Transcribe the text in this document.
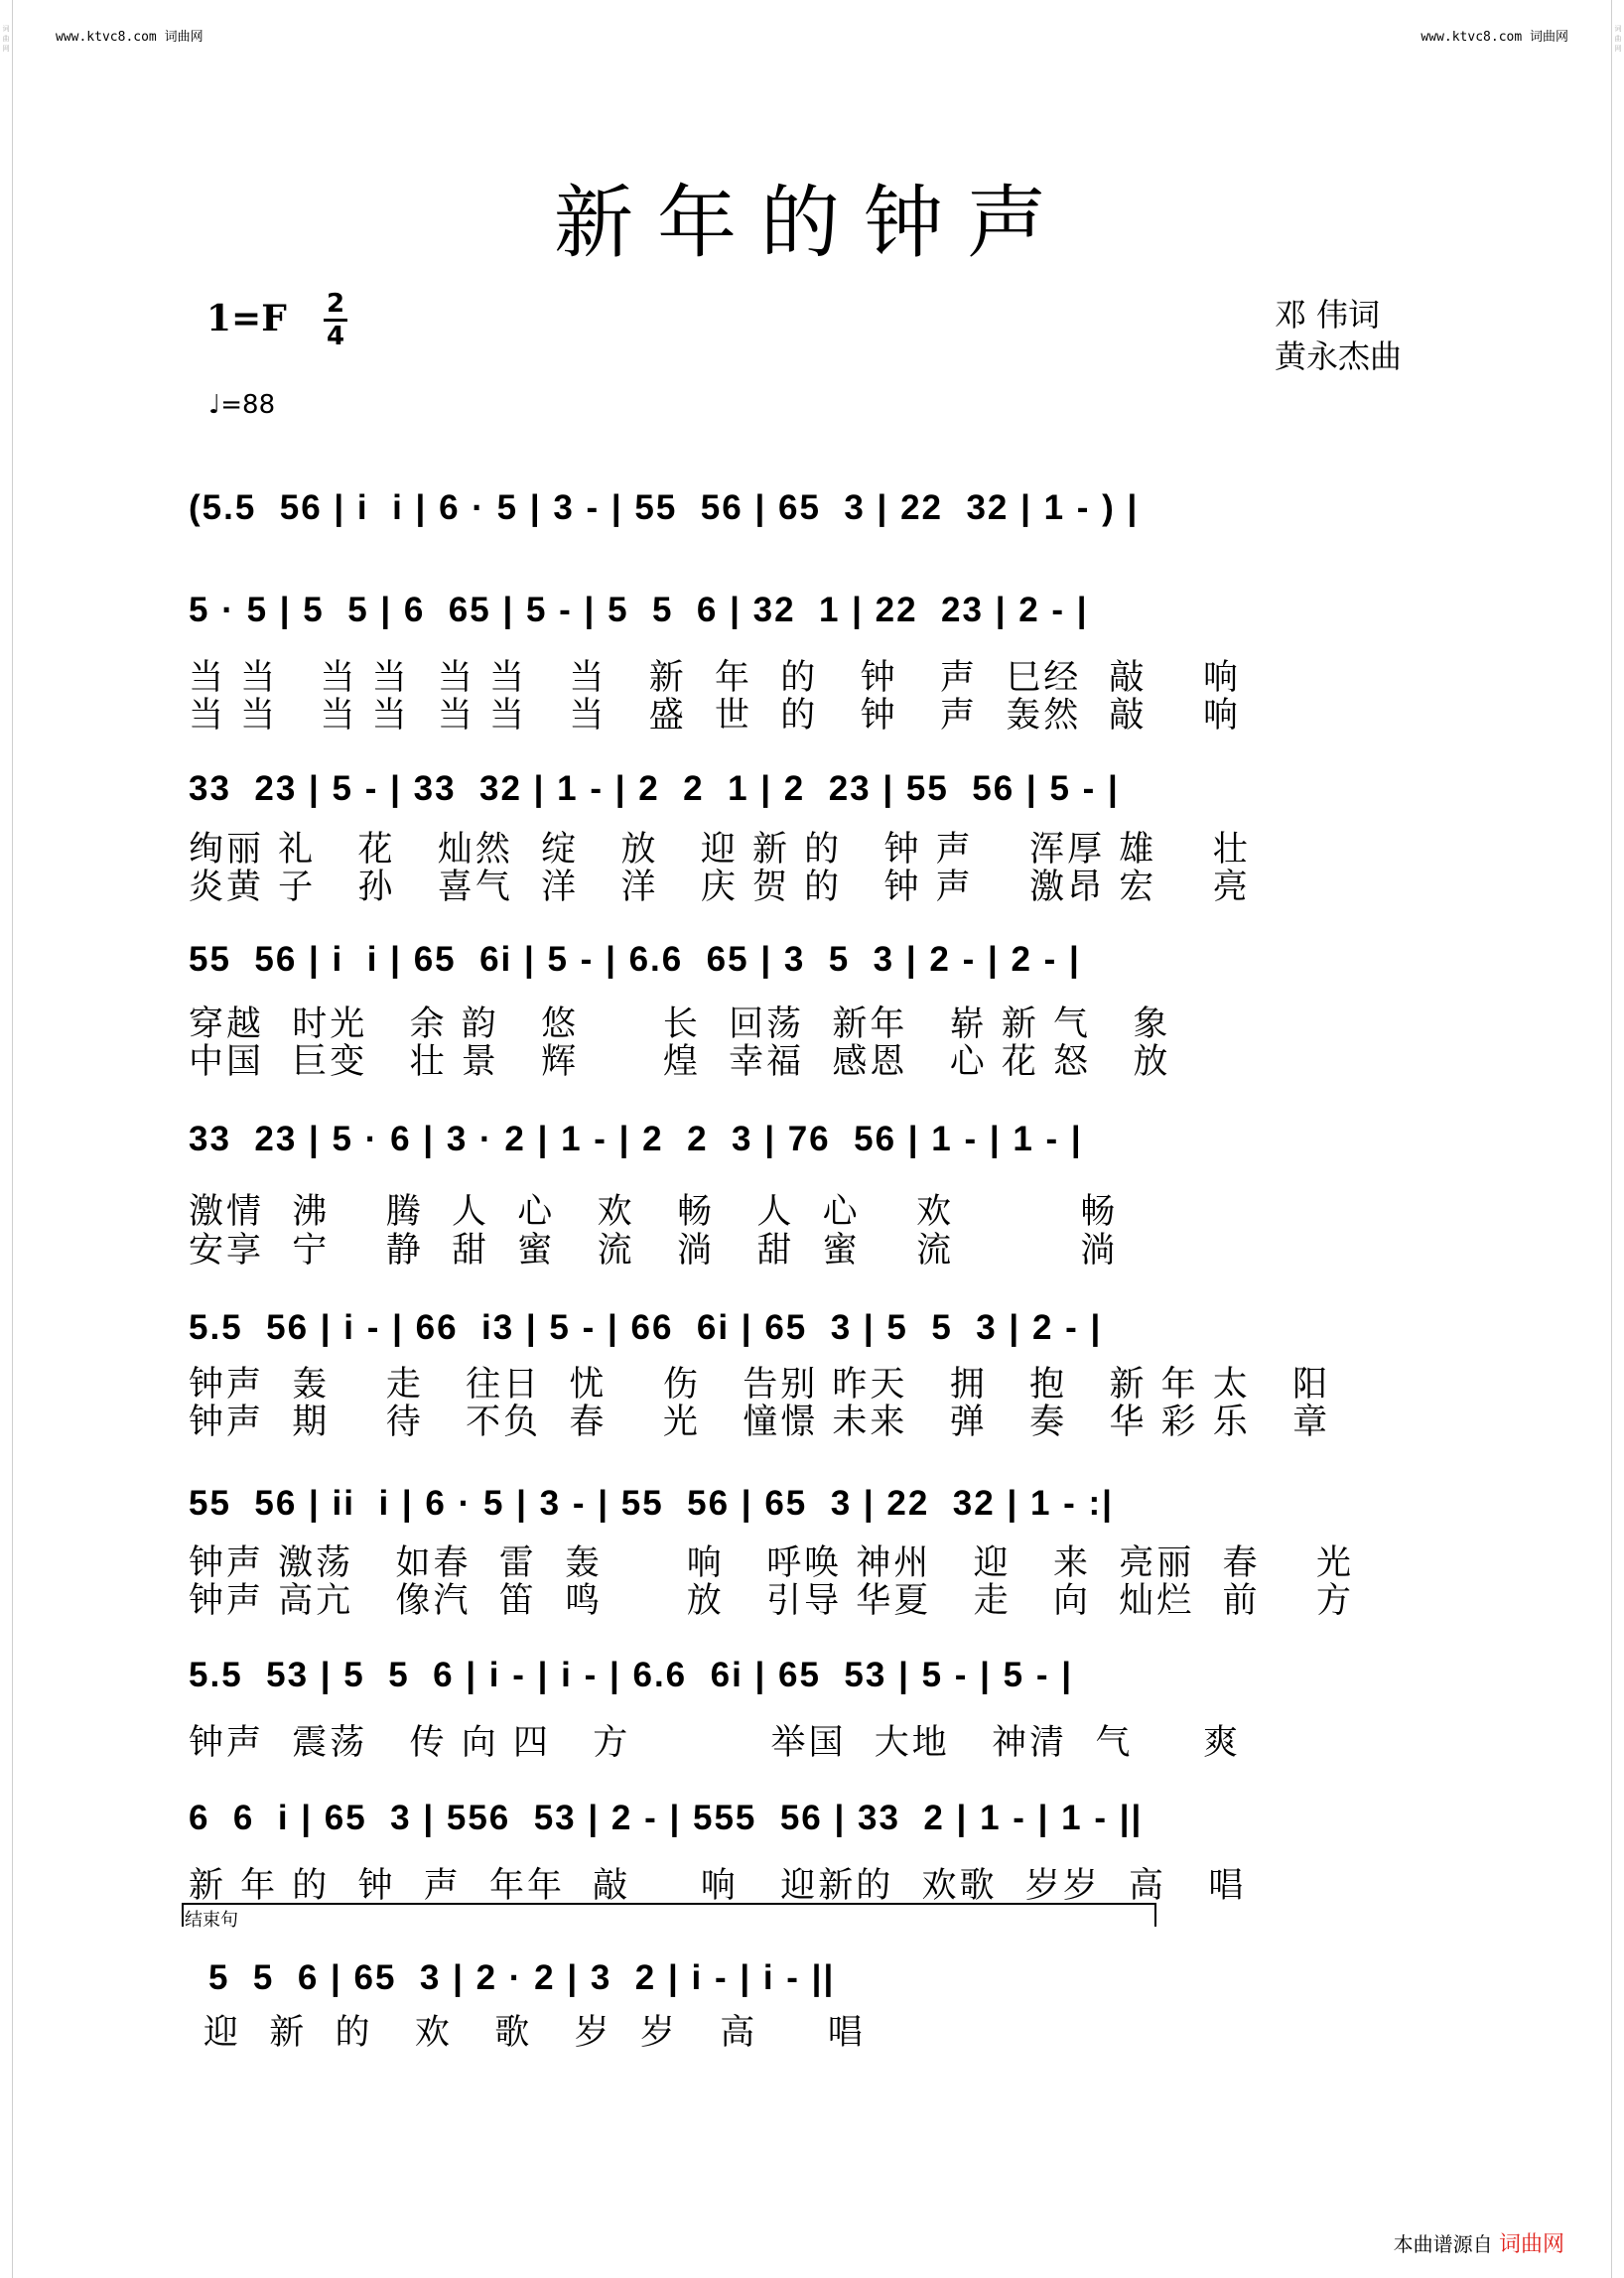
词曲网
词曲网
www.ktvc8.com 词曲网	www.ktvc8.com 词曲网
新年的钟声
1=F 2
4
♩=88
邓 伟词
黄永杰曲
(5.5  56 | i  i | 6 · 5 | 3 - | 55  56 | 65  3 | 22  32 | 1 - ) |
5 · 5 | 5  5 | 6  65 | 5 - | 5  5  6 | 32  1 | 22  23 | 2 - |
当 当   当 当  当 当   当   新  年  的   钟   声  巳经  敲    响
当 当   当 当  当 当   当   盛  世  的   钟   声  轰然  敲    响
33  23 | 5 - | 33  32 | 1 - | 2  2  1 | 2  23 | 55  56 | 5 - |
绚丽 礼   花   灿然  绽   放   迎 新 的   钟 声    浑厚 雄    壮
炎黄 子   孙   喜气  洋   洋   庆 贺 的   钟 声    激昂 宏    亮
55  56 | i  i | 65  6i | 5 - | 6.6  65 | 3  5  3 | 2 - | 2 - |
穿越  时光   余 韵   悠      长  回荡  新年   崭 新 气   象
中国  巨变   壮 景   辉      煌  幸福  感恩   心 花 怒   放
33  23 | 5 · 6 | 3 · 2 | 1 - | 2  2  3 | 76  56 | 1 - | 1 - |
激情  沸    腾  人  心   欢   畅   人  心    欢         畅
安享  宁    静  甜  蜜   流   淌   甜  蜜    流         淌
5.5  56 | i - | 66  i3 | 5 - | 66  6i | 65  3 | 5  5  3 | 2 - |
钟声  轰    走   往日  忧    伤   告别 昨天   拥   抱   新 年 太   阳
钟声  期    待   不负  春    光   憧憬 未来   弹   奏   华 彩 乐   章
55  56 | ii  i | 6 · 5 | 3 - | 55  56 | 65  3 | 22  32 | 1 - :|
钟声 激荡   如春  雷  轰      响   呼唤 神州   迎   来  亮丽  春    光
钟声 高亢   像汽  笛  鸣      放   引导 华夏   走   向  灿烂  前    方
5.5  53 | 5  5  6 | i - | i - | 6.6  6i | 65  53 | 5 - | 5 - |
钟声  震荡   传 向 四   方          举国  大地   神清  气     爽
6  6  i | 65  3 | 556  53 | 2 - | 555  56 | 33  2 | 1 - | 1 - ||
新 年 的  钟  声  年年  敲     响   迎新的  欢歌  岁岁  高   唱
结束句
5  5  6 | 65  3 | 2 · 2 | 3  2 | i - | i - ||
迎  新  的   欢   歌   岁  岁   高     唱
本曲谱源自 词曲网
